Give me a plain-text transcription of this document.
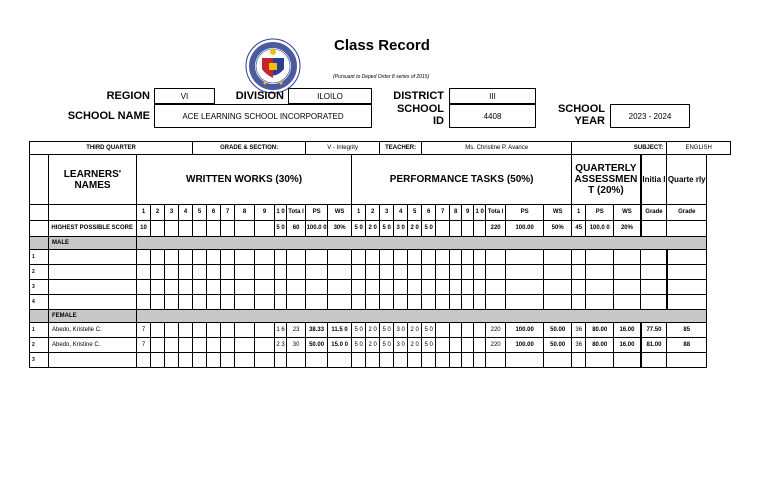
Class Record
(Pursuant to Deped Order 8 series of 2015)
REGION	VI	DIVISION	ILOILO	DISTRICT	III
SCHOOL NAME	ACE LEARNING SCHOOL INCORPORATED
SCHOOL
ID	4408
SCHOOL
YEAR	2023 - 2024
THIRD QUARTER						GRADE & SECTION:							V - Integrity				TEACHER:			Ms. Christine P. Avance								SUBJECT:				ENGLISH
	LEARNERS' NAMES	WRITTEN WORKS (30%)													PERFORMANCE TASKS (50%)													QUARTERLY ASSESSMEN T (20%)			Initia l	Quarte rly
		1	2	3	4	5	6	7	8	9	1 0	Tota l	PS	WS	1	2	3	4	5	6	7	8	9	1 0	Tota l	PS	WS	1	PS	WS	Grade	Grade
	HIGHEST POSSIBLE SCORE	10									5 0	60	100.0 0	30%	5 0	2 0	5 0	3 0	2 0	5 0					220	100.00	50%	45	100.0 0	20%		
	MALE																															
1																																
2																																
3																																
4																																
	FEMALE																															
1	Abedo, Kristelle C.	7									1 6	23	38.33	11.5 0	5 0	2 0	5 0	3 0	2 0	5 0					220	100.00	50.00	36	80.00	16.00	77.50	85
2	Abedo, Kristine C.	7									2 3	30	50.00	15.0 0	5 0	2 0	5 0	3 0	2 0	5 0					220	100.00	50.00	36	80.00	16.00	81.00	88
3																																
